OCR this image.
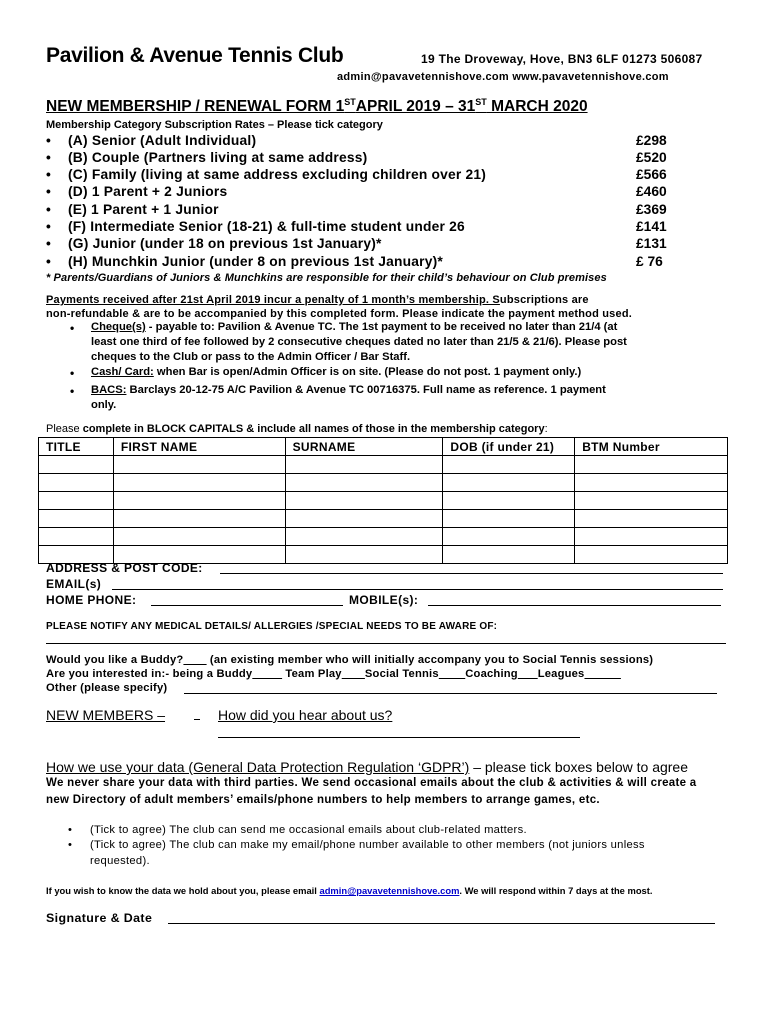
Pavilion & Avenue Tennis Club	19 The Droveway, Hove, BN3 6LF 01273 506087
admin@pavavetennishove.com www.pavavetennishove.com
NEW MEMBERSHIP / RENEWAL FORM 1STAPRIL 2019 – 31ST MARCH 2020
Membership Category Subscription Rates – Please tick category
• (A) Senior (Adult Individual)	£298
• (B) Couple (Partners living at same address)	£520
• (C) Family (living at same address excluding children over 21)	£566
• (D) 1 Parent + 2 Juniors	£460
• (E) 1 Parent + 1 Junior	£369
• (F) Intermediate Senior (18-21) & full-time student under 26	£141
• (G) Junior (under 18 on previous 1st January)*	£131
• (H) Munchkin Junior (under 8 on previous 1st January)*	£ 76
* Parents/Guardians of Juniors & Munchkins are responsible for their child’s behaviour on Club premises
Payments received after 21st April 2019 incur a penalty of 1 month’s membership. Subscriptions are
non-refundable & are to be accompanied by this completed form. Please indicate the payment method used.
• Cheque(s) - payable to: Pavilion & Avenue TC. The 1st payment to be received no later than 21/4 (at
least one third of fee followed by 2 consecutive cheques dated no later than 21/5 & 21/6). Please post
cheques to the Club or pass to the Admin Officer / Bar Staff.
• Cash/ Card: when Bar is open/Admin Officer is on site. (Please do not post. 1 payment only.)
• BACS: Barclays 20-12-75 A/C Pavilion & Avenue TC 00716375. Full name as reference. 1 payment
only.
Please complete in BLOCK CAPITALS & include all names of those in the membership category:
TITLE	FIRST NAME	SURNAME	DOB (if under 21)	BTM Number

ADDRESS & POST CODE:
EMAIL(s)
HOME PHONE:	MOBILE(s):
PLEASE NOTIFY ANY MEDICAL DETAILS/ ALLERGIES /SPECIAL NEEDS TO BE AWARE OF:
Would you like a Buddy?        (an existing member who will initially accompany you to Social Tennis sessions)
Are you interested in:- being a Buddy	Team Play Social Tennis Coaching Leagues
Other (please specify)
NEW MEMBERS –	How did you hear about us?
How we use your data (General Data Protection Regulation ‘GDPR’) – please tick boxes below to agree
We never share your data with third parties. We send occasional emails about the club & activities & will create a
new Directory of adult members’ emails/phone numbers to help members to arrange games, etc.
• (Tick to agree) The club can send me occasional emails about club-related matters.
• (Tick to agree) The club can make my email/phone number available to other members (not juniors unless
requested).
If you wish to know the data we hold about you, please email admin@pavavetennishove.com. We will respond within 7 days at the most.
Signature & Date
